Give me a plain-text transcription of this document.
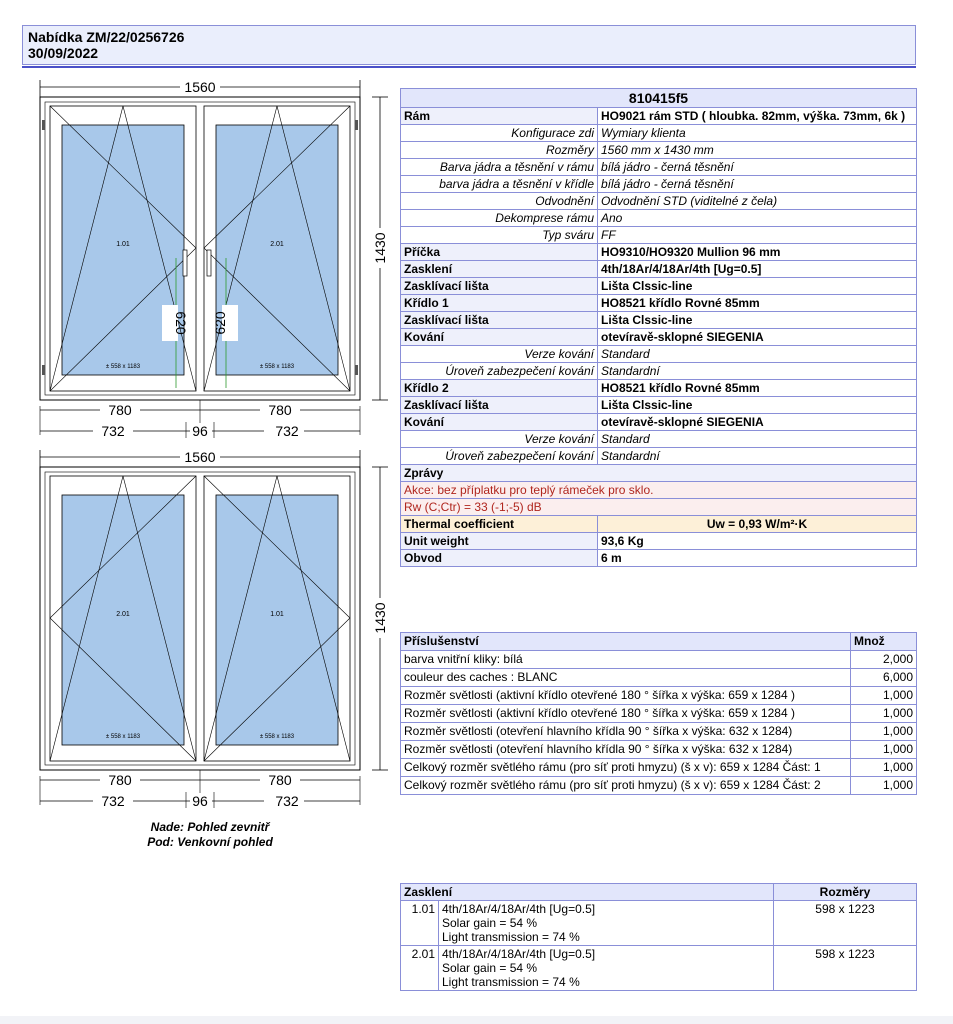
Nabídka ZM/22/0256726
30/09/2022
1560
1430
1.01	2.01
± 558 x 1183	± 558 x 1183
620 620
780	780
732	96	732
1560
1430
2.01	1.01
± 558 x 1183	± 558 x 1183
780	780
732	96	732
Nade: Pohled zevnitř
Pod: Venkovní pohled
810415f5	
Rám	HO9021 rám STD ( hloubka. 82mm, výška. 73mm, 6k )
Konfigurace zdi	Wymiary klienta
Rozměry	1560 mm x 1430 mm
Barva jádra a těsnění v rámu	bílá jádro - černá těsnění
barva jádra a těsnění v křídle	bílá jádro - černá těsnění
Odvodnění	Odvodnění STD (viditelné z čela)
Dekomprese rámu	Ano
Typ sváru	FF
Příčka	HO9310/HO9320 Mullion 96 mm
Zasklení	4th/18Ar/4/18Ar/4th [Ug=0.5]
Zasklívací lišta	Lišta Clssic-line
Křídlo 1	HO8521 křídlo Rovné 85mm
Zasklívací lišta	Lišta Clssic-line
Kování	otevíravě-sklopné SIEGENIA
Verze kování	Standard
Úroveň zabezpečení kování	Standardní
Křídlo 2	HO8521 křídlo Rovné 85mm
Zasklívací lišta	Lišta Clssic-line
Kování	otevíravě-sklopné SIEGENIA
Verze kování	Standard
Úroveň zabezpečení kování	Standardní
Zprávy	
Akce: bez příplatku pro teplý rámeček pro sklo.	
Rw (C;Ctr) = 33 (-1;-5) dB	
Thermal coefficient	Uw = 0,93 W/m²·K
Unit weight	93,6 Kg
Obvod	6 m
Příslušenství	Množ
barva vnitřní kliky: bílá	2,000
couleur des caches : BLANC	6,000
Rozměr světlosti (aktivní křídlo otevřené 180 ° šířka x výška: 659 x 1284 )	1,000
Rozměr světlosti (aktivní křídlo otevřené 180 ° šířka x výška: 659 x 1284 )	1,000
Rozměr světlosti (otevření hlavního křídla 90 ° šířka x výška: 632 x 1284)	1,000
Rozměr světlosti (otevření hlavního křídla 90 ° šířka x výška: 632 x 1284)	1,000
Celkový rozměr světlého rámu (pro síť proti hmyzu) (š x v): 659 x 1284 Část: 1	1,000
Celkový rozměr světlého rámu (pro síť proti hmyzu) (š x v): 659 x 1284 Část: 2	1,000
Zasklení		Rozměry
1.01	4th/18Ar/4/18Ar/4th [Ug=0.5]
Solar gain = 54 %
Light transmission = 74 %	598 x 1223
2.01	4th/18Ar/4/18Ar/4th [Ug=0.5]
Solar gain = 54 %
Light transmission = 74 %	598 x 1223
